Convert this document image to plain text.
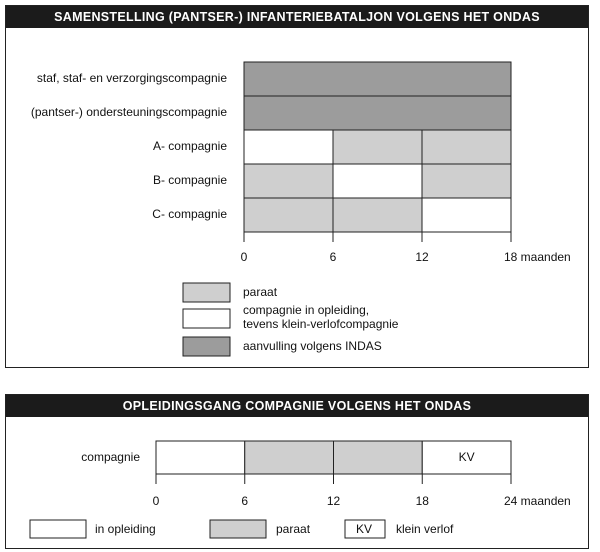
SAMENSTELLING (PANTSER-) INFANTERIEBATALJON VOLGENS HET ONDAS
OPLEIDINGSGANG COMPAGNIE VOLGENS HET ONDAS
staf, staf- en verzorgingscompagnie
(pantser-) ondersteuningscompagnie
A- compagnie
B- compagnie
C- compagnie
0	6	12	18 maanden
paraat
compagnie in opleiding,
tevens klein-verlofcompagnie
aanvulling volgens INDAS
KV
compagnie
0	6	12	18	24 maanden
in opleiding	paraat	KV klein verlof
